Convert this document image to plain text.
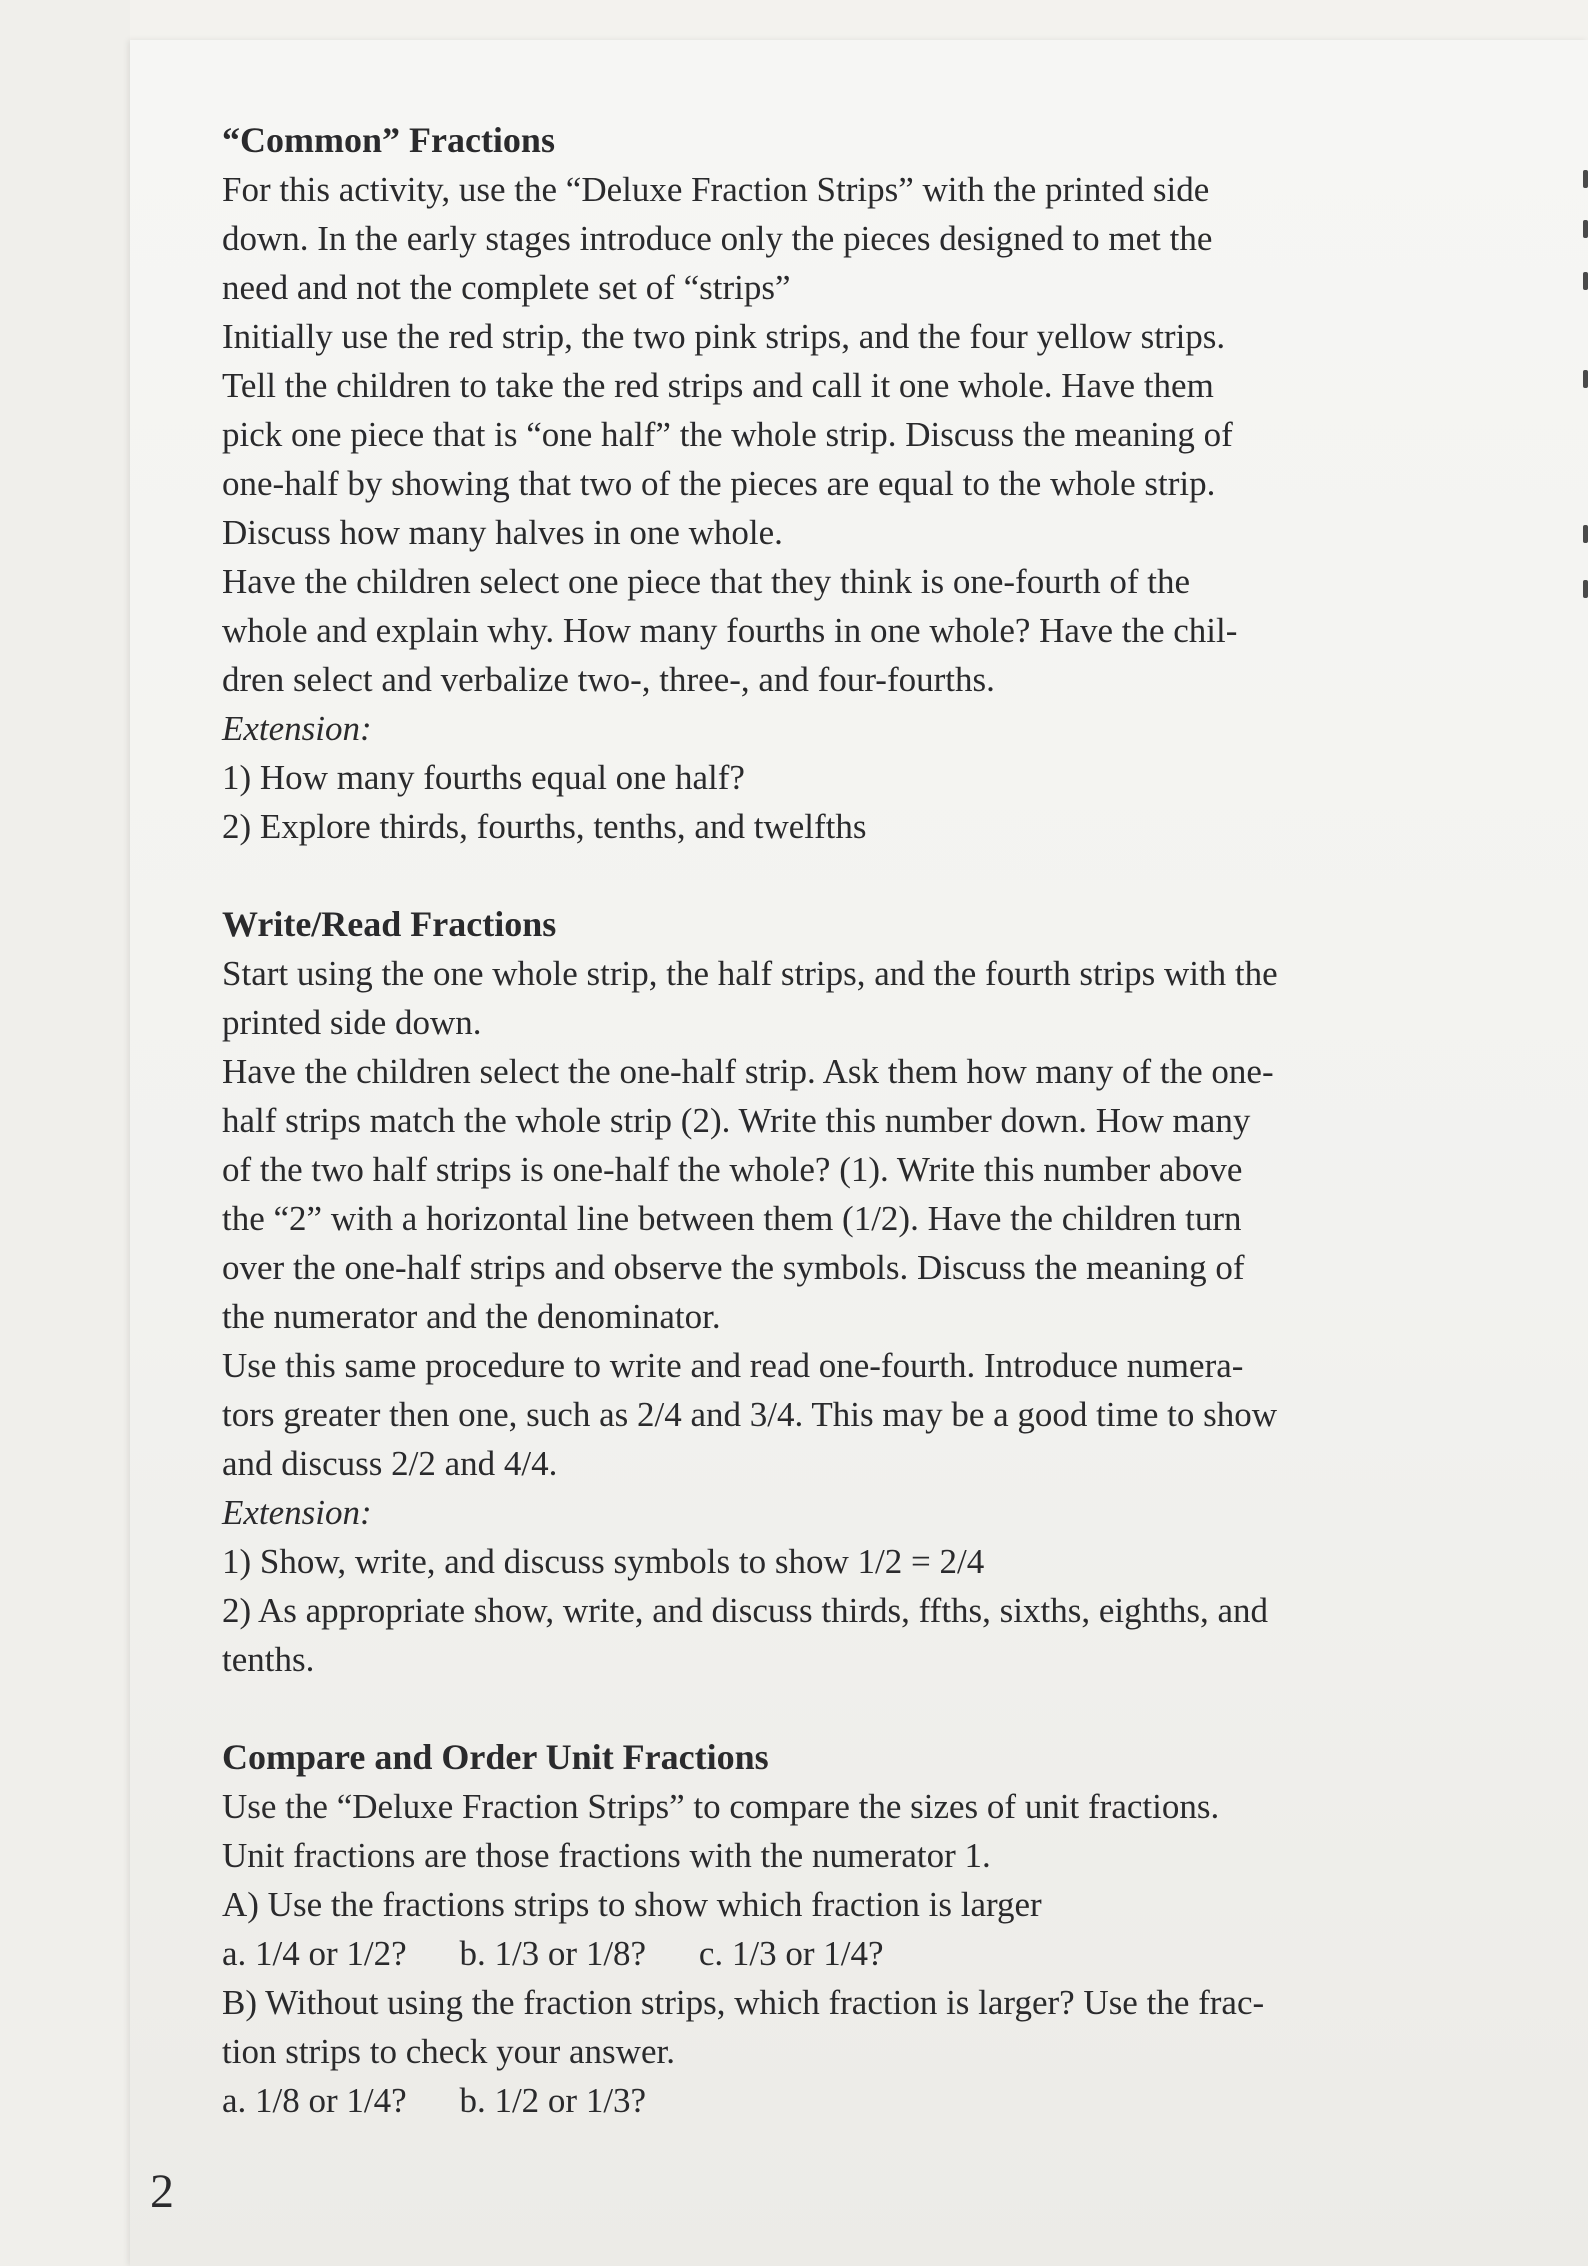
“Common” Fractions
For this activity, use the “Deluxe Fraction Strips” with the printed side
down. In the early stages introduce only the pieces designed to met the
need and not the complete set of “strips”
Initially use the red strip, the two pink strips, and the four yellow strips.
Tell the children to take the red strips and call it one whole. Have them
pick one piece that is “one half” the whole strip. Discuss the meaning of
one-half by showing that two of the pieces are equal to the whole strip.
Discuss how many halves in one whole.
Have the children select one piece that they think is one-fourth of the
whole and explain why. How many fourths in one whole? Have the chil-
dren select and verbalize two-, three-, and four-fourths.
Extension:
1) How many fourths equal one half?
2) Explore thirds, fourths, tenths, and twelfths
Write/Read Fractions
Start using the one whole strip, the half strips, and the fourth strips with the
printed side down.
Have the children select the one-half strip. Ask them how many of the one-
half strips match the whole strip (2). Write this number down. How many
of the two half strips is one-half the whole? (1). Write this number above
the “2” with a horizontal line between them (1/2). Have the children turn
over the one-half strips and observe the symbols. Discuss the meaning of
the numerator and the denominator.
Use this same procedure to write and read one-fourth. Introduce numera-
tors greater then one, such as 2/4 and 3/4. This may be a good time to show
and discuss 2/2 and 4/4.
Extension:
1) Show, write, and discuss symbols to show 1/2 = 2/4
2) As appropriate show, write, and discuss thirds, ffths, sixths, eighths, and
tenths.
Compare and Order Unit Fractions
Use the “Deluxe Fraction Strips” to compare the sizes of unit fractions.
Unit fractions are those fractions with the numerator 1.
A) Use the fractions strips to show which fraction is larger
a. 1/4 or 1/2? b. 1/3 or 1/8? c. 1/3 or 1/4?
B) Without using the fraction strips, which fraction is larger? Use the frac-
tion strips to check your answer.
a. 1/8 or 1/4? b. 1/2 or 1/3?
2
